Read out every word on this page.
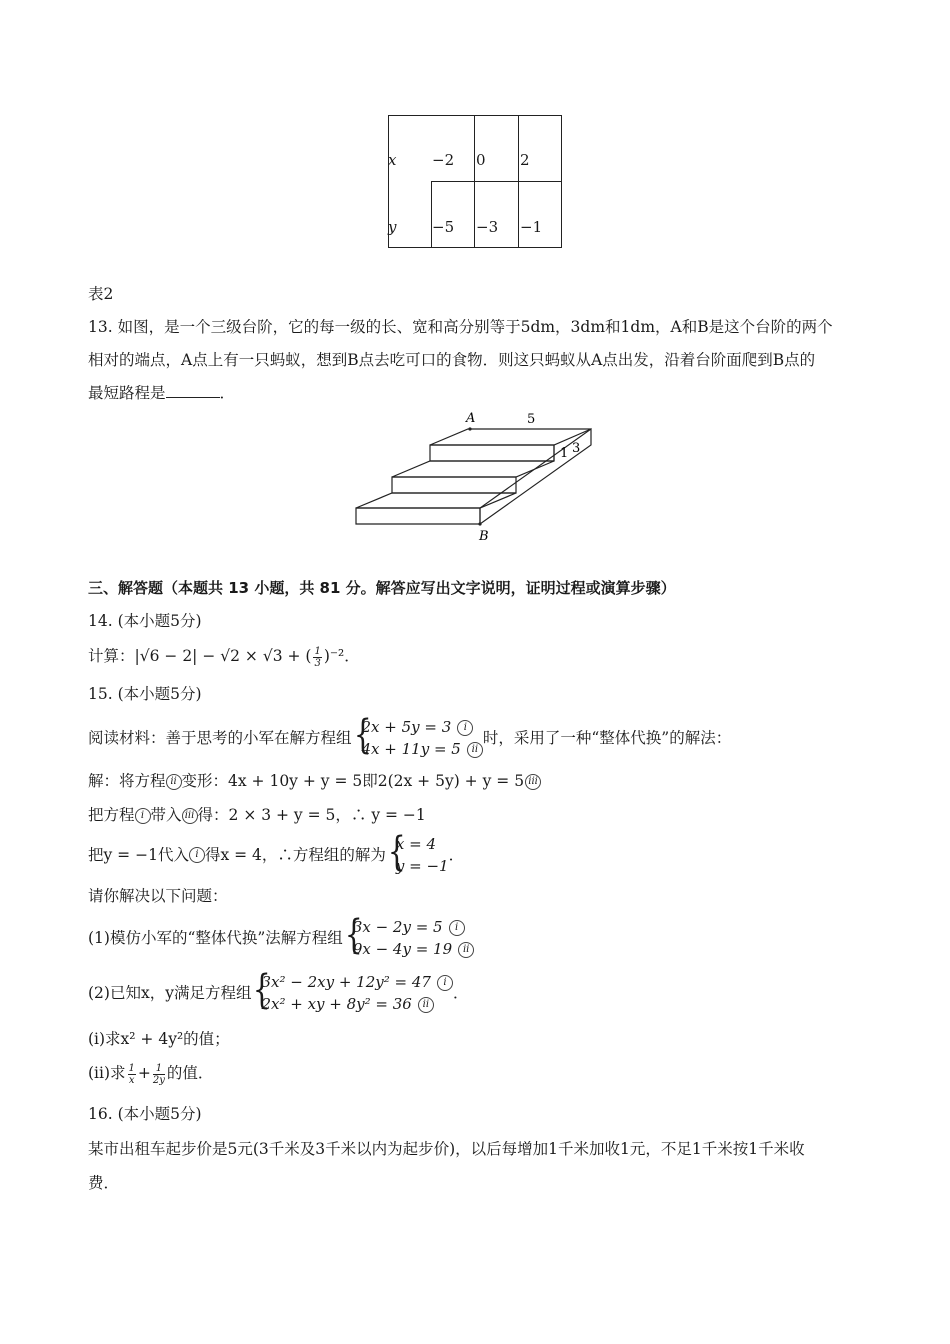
x
y
−2 0 2
−5 −3 −1
表2
13. 如图，是一个三级台阶，它的每一级的长、宽和高分别等于5dm，3dm和1dm，A和B是这个台阶的两个
相对的端点，A点上有一只蚂蚁，想到B点去吃可口的食物．则这只蚂蚁从A点出发，沿着台阶面爬到B点的
最短路程是	．
A	5
3
1
B
三、解答题（本题共 13 小题，共 81 分。解答应写出文字说明，证明过程或演算步骤）
14. (本小题5分)
计算：|√6 − 2| − √2 × √3 + ( $\frac{1}{3} )^{-2}$．
15. (本小题5分)
阅读材料：善于思考的小军在解方程组 {
2x + 5y = 3 i
4x + 11y = 5 ii
时，采用了一种“整体代换”的解法：
解：将方程 ii 变形：4x + 10y + y = 5即2(2x + 5y) + y = 5 iii
把方程 i 带入 iii 得：2 × 3 + y = 5，∴ y = −1
把y = −1代入 i 得x = 4，∴方程组的解为 {
x = 4
y = −1
．
请你解决以下问题：
(1)模仿小军的“整体代换”法解方程组 {
3x − 2y = 5 i
9x − 4y = 19 ii
(2)已知x，y满足方程组 {
3x² − 2xy + 12y² = 47 i
2x² + xy + 8y² = 36 ii
．
(i)求x² + 4y²的值；
(ii)求 $\frac{1}{x} + \frac{1}{2y}$ 的值．
16. (本小题5分)
某市出租车起步价是5元(3千米及3千米以内为起步价)，以后每增加1千米加收1元，不足1千米按1千米收
费．
